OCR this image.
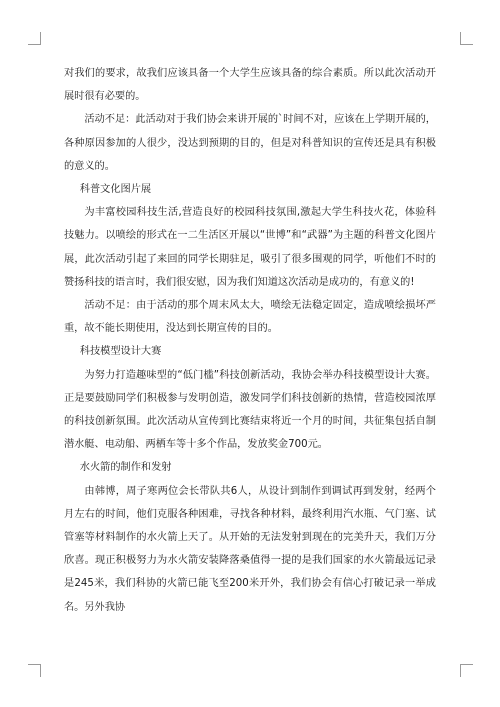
对我们的要求，故我们应该具备一个大学生应该具备的综合素质。所以此次活动开展时很有必要的。

活动不足：此活动对于我们协会来讲开展的`时间不对，应该在上学期开展的，各种原因参加的人很少，没达到预期的目的，但是对科普知识的宣传还是具有积极的意义的。

科普文化图片展

为丰富校园科技生活,营造良好的校园科技氛围,激起大学生科技火花，体验科技魅力。以喷绘的形式在一二生活区开展以“世博”和“武器”为主题的科普文化图片展，此次活动引起了来回的同学长期驻足，吸引了很多围观的同学，听他们不时的赞扬科技的语言时，我们很安慰，因为我们知道这次活动是成功的，有意义的!

活动不足：由于活动的那个周末风太大，喷绘无法稳定固定，造成喷绘损坏严重，故不能长期使用，没达到长期宣传的目的。

科技模型设计大赛

为努力打造趣味型的“低门槛”科技创新活动，我协会举办科技模型设计大赛。正是要鼓励同学们积极参与发明创造，激发同学们科技创新的热情，营造校园浓厚的科技创新氛围。此次活动从宣传到比赛结束将近一个月的时间，共征集包括自制潜水艇、电动船、两栖车等十多个作品，发放奖金700元。

水火箭的制作和发射

由韩博，周子寒两位会长带队共6人，从设计到制作到调试再到发射，经两个月左右的时间，他们克服各种困难，寻找各种材料，最终利用汽水瓶、气门塞、试管塞等材料制作的水火箭上天了。从开始的无法发射到现在的完美升天，我们万分欣喜。现正积极努力为水火箭安装降落桑值得一提的是我们国家的水火箭最远记录是245米，我们科协的火箭已能飞至200米开外，我们协会有信心打破记录一举成名。另外我协
